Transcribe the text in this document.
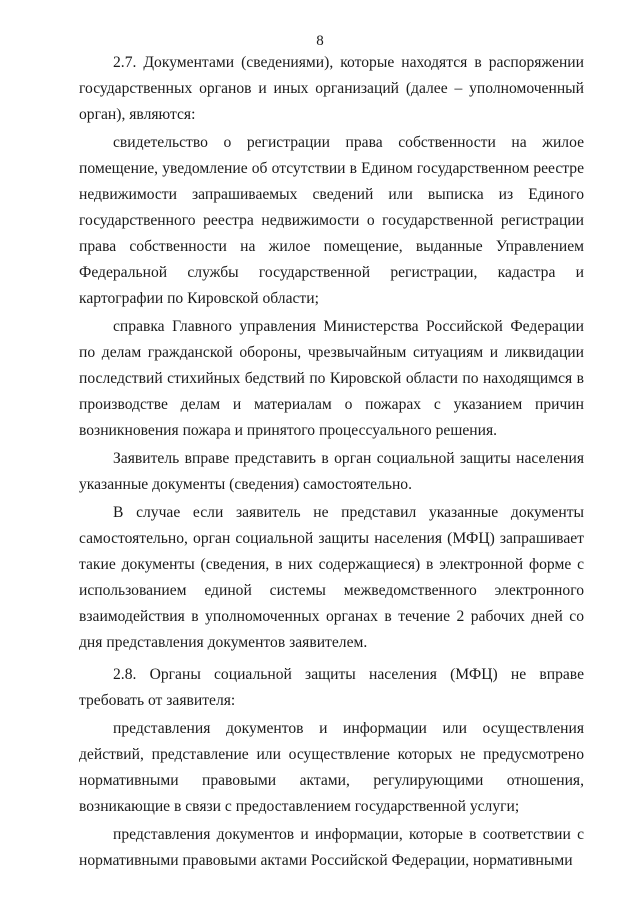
8

2.7. Документами (сведениями), которые находятся в распоряжении государственных органов и иных организаций (далее – уполномоченный орган), являются:

свидетельство о регистрации права собственности на жилое помещение, уведомление об отсутствии в Едином государственном реестре недвижимости запрашиваемых сведений или выписка из Единого государственного реестра недвижимости о государственной регистрации права собственности на жилое помещение, выданные Управлением Федеральной службы государственной регистрации, кадастра и картографии по Кировской области;

справка Главного управления Министерства Российской Федерации по делам гражданской обороны, чрезвычайным ситуациям и ликвидации последствий стихийных бедствий по Кировской области по находящимся в производстве делам и материалам о пожарах с указанием причин возникновения пожара и принятого процессуального решения.

Заявитель вправе представить в орган социальной защиты населения указанные документы (сведения) самостоятельно.

В случае если заявитель не представил указанные документы самостоятельно, орган социальной защиты населения (МФЦ) запрашивает такие документы (сведения, в них содержащиеся) в электронной форме с использованием единой системы межведомственного электронного взаимодействия в уполномоченных органах в течение 2 рабочих дней со дня представления документов заявителем.

2.8. Органы социальной защиты населения (МФЦ) не вправе требовать от заявителя:

представления документов и информации или осуществления действий, представление или осуществление которых не предусмотрено нормативными правовыми актами, регулирующими отношения, возникающие в связи с предоставлением государственной услуги;

представления документов и информации, которые в соответствии с нормативными правовыми актами Российской Федерации, нормативными
